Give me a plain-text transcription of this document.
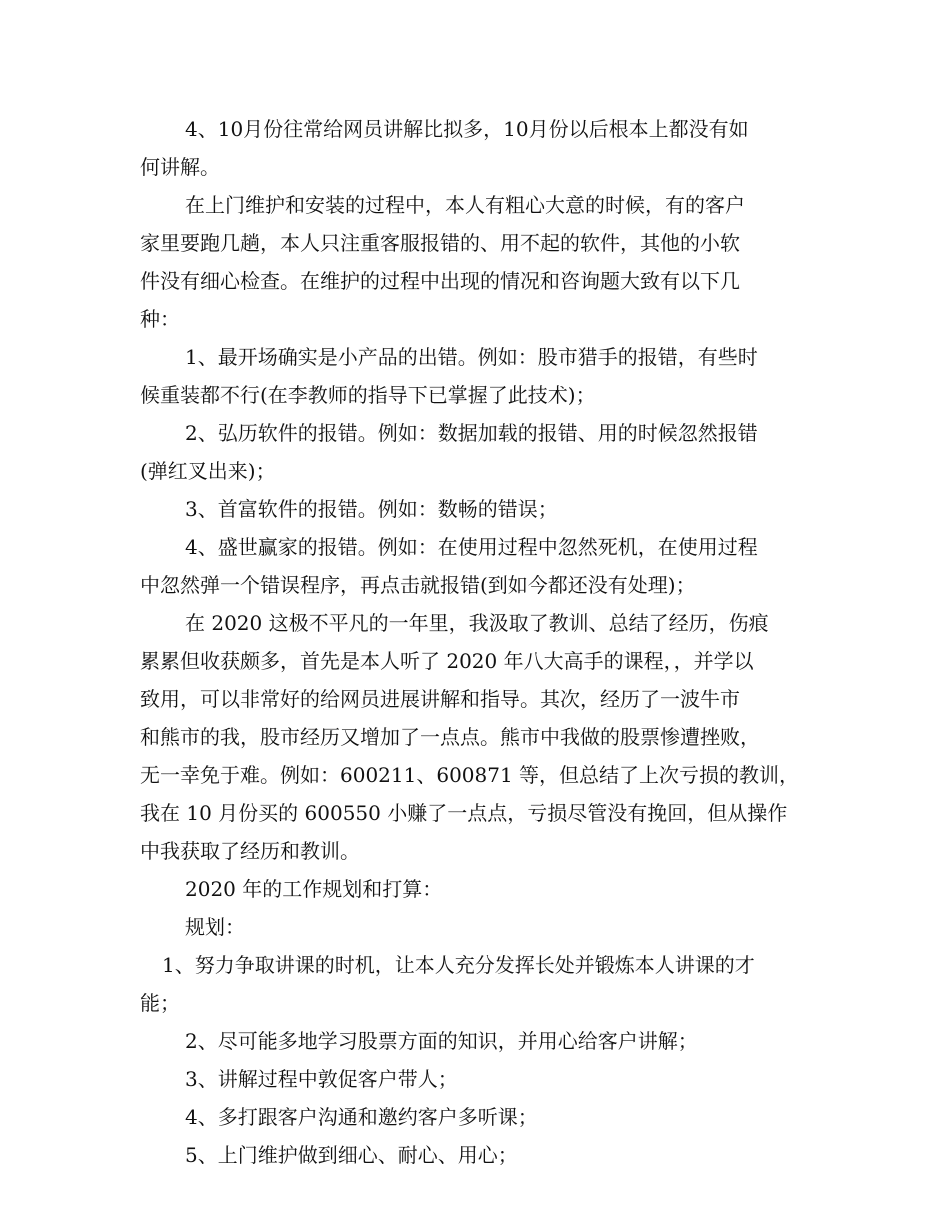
4、10月份往常给网员讲解比拟多，10月份以后根本上都没有如
何讲解。
在上门维护和安装的过程中，本人有粗心大意的时候，有的客户
家里要跑几趟，本人只注重客服报错的、用不起的软件，其他的小软
件没有细心检查。在维护的过程中出现的情况和咨询题大致有以下几
种：
1、最开场确实是小产品的出错。例如：股市猎手的报错，有些时
候重装都不行(在李教师的指导下已掌握了此技术)；
2、弘历软件的报错。例如：数据加载的报错、用的时候忽然报错
(弹红叉出来)；
3、首富软件的报错。例如：数畅的错误；
4、盛世赢家的报错。例如：在使用过程中忽然死机，在使用过程
中忽然弹一个错误程序，再点击就报错(到如今都还没有处理)；
在 2020 这极不平凡的一年里，我汲取了教训、总结了经历，伤痕
累累但收获颇多，首先是本人听了 2020 年八大高手的课程，，并学以
致用，可以非常好的给网员进展讲解和指导。其次，经历了一波牛市
和熊市的我，股市经历又增加了一点点。熊市中我做的股票惨遭挫败，
无一幸免于难。例如：600211、600871 等，但总结了上次亏损的教训，
我在 10 月份买的 600550 小赚了一点点，亏损尽管没有挽回，但从操作
中我获取了经历和教训。
2020 年的工作规划和打算：
规划：
1、努力争取讲课的时机，让本人充分发挥长处并锻炼本人讲课的才
能；
2、尽可能多地学习股票方面的知识，并用心给客户讲解；
3、讲解过程中敦促客户带人；
4、多打跟客户沟通和邀约客户多听课；
5、上门维护做到细心、耐心、用心；
